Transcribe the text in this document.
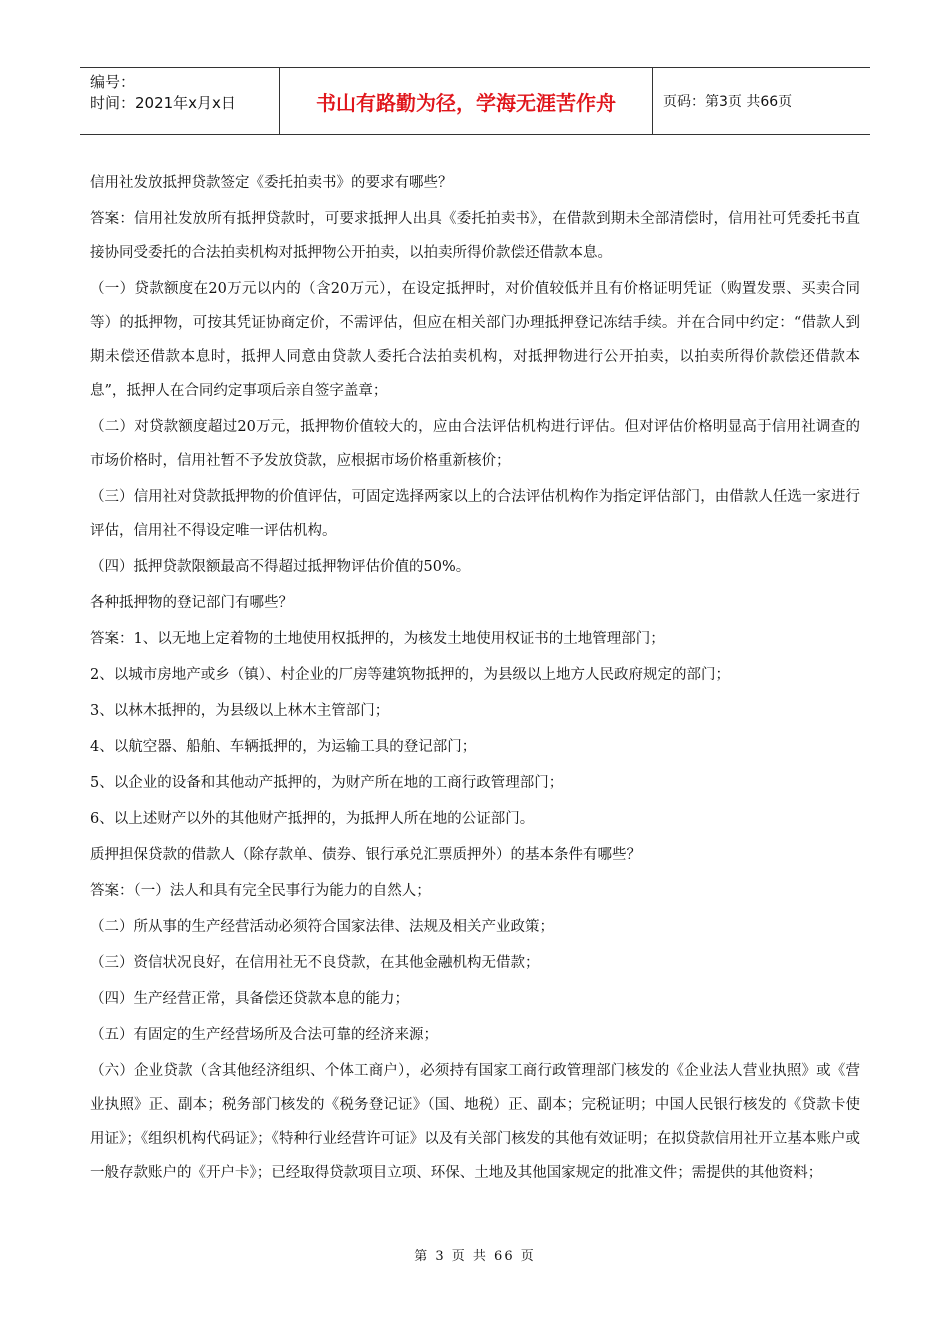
编号：
时间：2021年x月x日	书山有路勤为径，学海无涯苦作舟	页码：第3页 共66页

信用社发放抵押贷款签定《委托拍卖书》的要求有哪些？

答案：信用社发放所有抵押贷款时，可要求抵押人出具《委托拍卖书》，在借款到期未全部清偿时，信用社可凭委托书直接协同受委托的合法拍卖机构对抵押物公开拍卖，以拍卖所得价款偿还借款本息。

（一）贷款额度在20万元以内的（含20万元），在设定抵押时，对价值较低并且有价格证明凭证（购置发票、买卖合同等）的抵押物，可按其凭证协商定价，不需评估，但应在相关部门办理抵押登记冻结手续。并在合同中约定：“借款人到期未偿还借款本息时，抵押人同意由贷款人委托合法拍卖机构，对抵押物进行公开拍卖，以拍卖所得价款偿还借款本息”，抵押人在合同约定事项后亲自签字盖章；

（二）对贷款额度超过20万元，抵押物价值较大的，应由合法评估机构进行评估。但对评估价格明显高于信用社调查的市场价格时，信用社暂不予发放贷款，应根据市场价格重新核价；

（三）信用社对贷款抵押物的价值评估，可固定选择两家以上的合法评估机构作为指定评估部门，由借款人任选一家进行评估，信用社不得设定唯一评估机构。

（四）抵押贷款限额最高不得超过抵押物评估价值的50%。

各种抵押物的登记部门有哪些？

答案：1、以无地上定着物的土地使用权抵押的，为核发土地使用权证书的土地管理部门；

2、以城市房地产或乡（镇）、村企业的厂房等建筑物抵押的，为县级以上地方人民政府规定的部门；

3、以林木抵押的，为县级以上林木主管部门；

4、以航空器、船舶、车辆抵押的，为运输工具的登记部门；

5、以企业的设备和其他动产抵押的，为财产所在地的工商行政管理部门；

6、以上述财产以外的其他财产抵押的，为抵押人所在地的公证部门。

质押担保贷款的借款人（除存款单、债券、银行承兑汇票质押外）的基本条件有哪些？

答案：（一）法人和具有完全民事行为能力的自然人；

（二）所从事的生产经营活动必须符合国家法律、法规及相关产业政策；

（三）资信状况良好，在信用社无不良贷款，在其他金融机构无借款；

（四）生产经营正常，具备偿还贷款本息的能力；

（五）有固定的生产经营场所及合法可靠的经济来源；

（六）企业贷款（含其他经济组织、个体工商户），必须持有国家工商行政管理部门核发的《企业法人营业执照》或《营业执照》正、副本；税务部门核发的《税务登记证》（国、地税）正、副本；完税证明；中国人民银行核发的《贷款卡使用证》；《组织机构代码证》；《特种行业经营许可证》以及有关部门核发的其他有效证明；在拟贷款信用社开立基本账户或一般存款账户的《开户卡》；已经取得贷款项目立项、环保、土地及其他国家规定的批准文件；需提供的其他资料；

第 3 页 共 66 页
